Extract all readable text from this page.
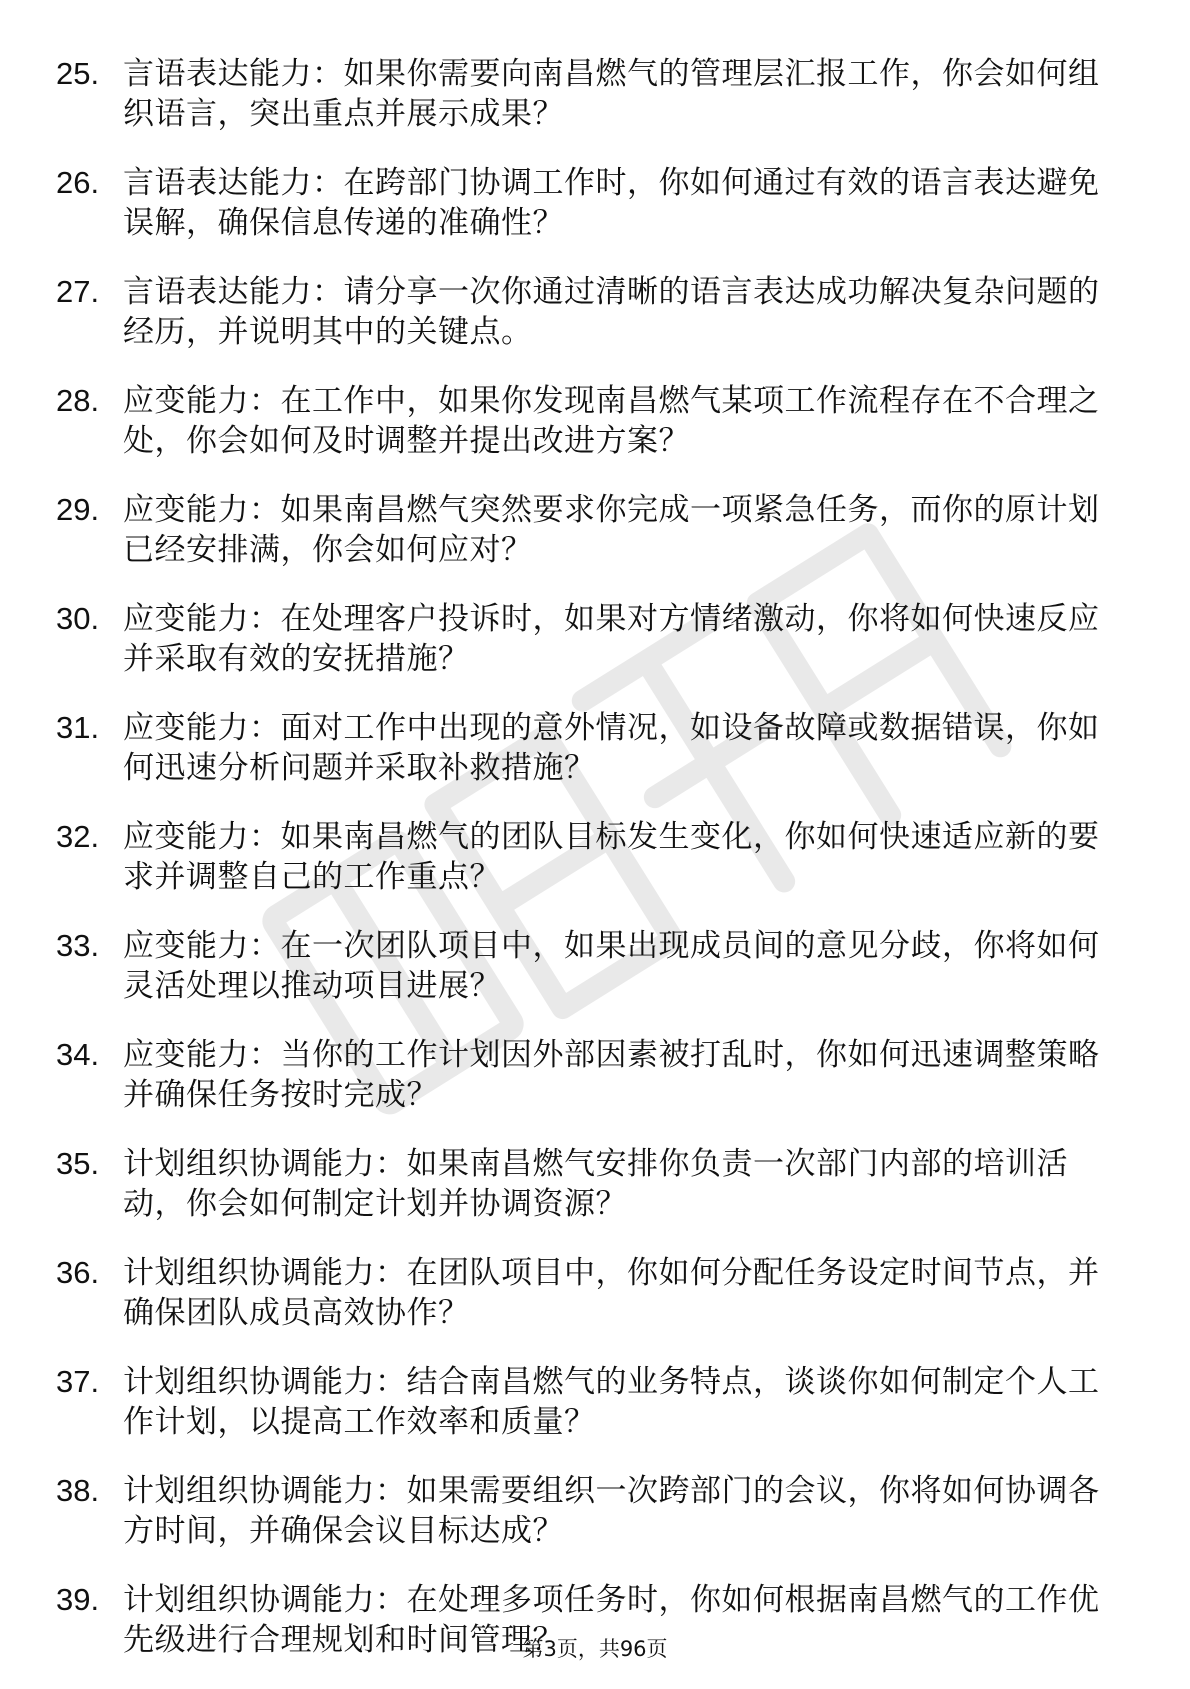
25. 言语表达能力：如果你需要向南昌燃气的管理层汇报工作，你会如何组织语言，突出重点并展示成果？
26. 言语表达能力：在跨部门协调工作时，你如何通过有效的语言表达避免误解，确保信息传递的准确性？
27. 言语表达能力：请分享一次你通过清晰的语言表达成功解决复杂问题的经历，并说明其中的关键点。
28. 应变能力：在工作中，如果你发现南昌燃气某项工作流程存在不合理之处，你会如何及时调整并提出改进方案？
29. 应变能力：如果南昌燃气突然要求你完成一项紧急任务，而你的原计划已经安排满，你会如何应对？
30. 应变能力：在处理客户投诉时，如果对方情绪激动，你将如何快速反应并采取有效的安抚措施？
31. 应变能力：面对工作中出现的意外情况，如设备故障或数据错误，你如何迅速分析问题并采取补救措施？
32. 应变能力：如果南昌燃气的团队目标发生变化，你如何快速适应新的要求并调整自己的工作重点？
33. 应变能力：在一次团队项目中，如果出现成员间的意见分歧，你将如何灵活处理以推动项目进展？
34. 应变能力：当你的工作计划因外部因素被打乱时，你如何迅速调整策略并确保任务按时完成？
35. 计划组织协调能力：如果南昌燃气安排你负责一次部门内部的培训活动，你会如何制定计划并协调资源？
36. 计划组织协调能力：在团队项目中，你如何分配任务设定时间节点，并确保团队成员高效协作？
37. 计划组织协调能力：结合南昌燃气的业务特点，谈谈你如何制定个人工作计划，以提高工作效率和质量？
38. 计划组织协调能力：如果需要组织一次跨部门的会议，你将如何协调各方时间，并确保会议目标达成？
39. 计划组织协调能力：在处理多项任务时，你如何根据南昌燃气的工作优先级进行合理规划和时间管理？
第3页，共96页
